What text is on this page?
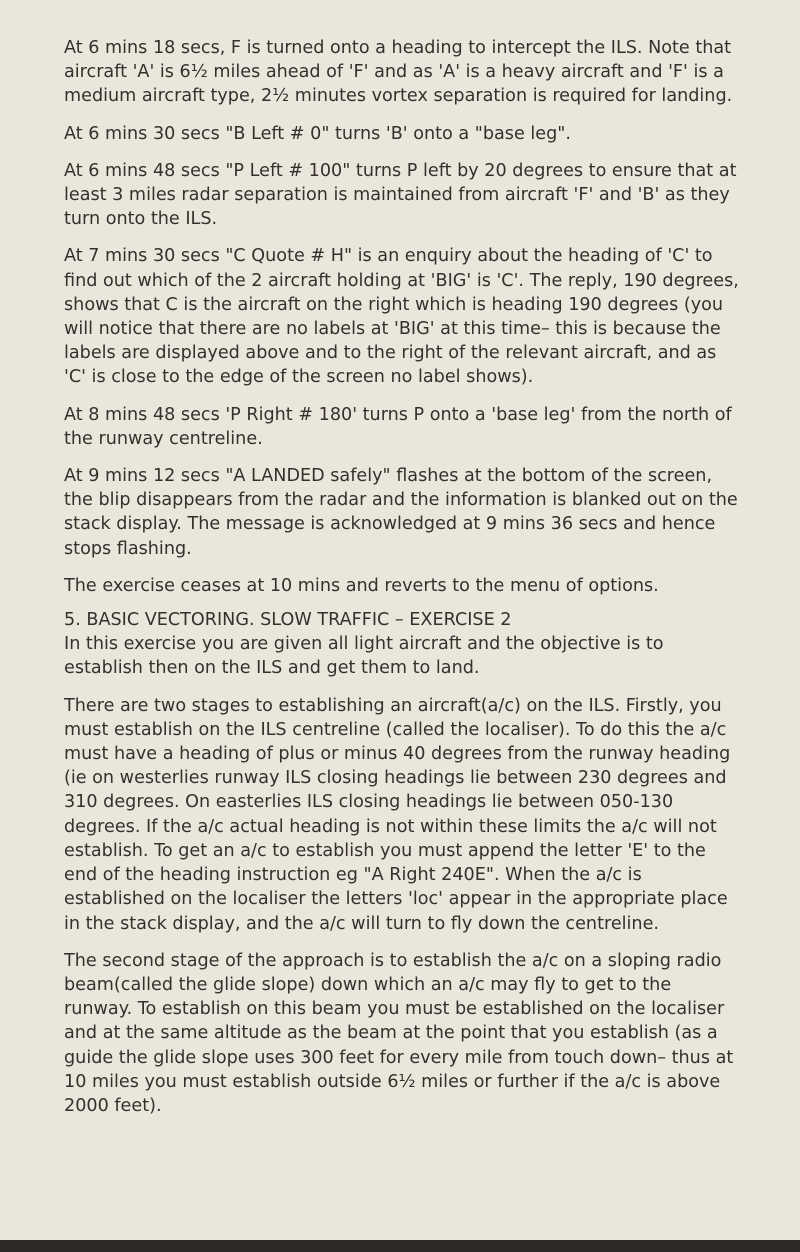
At 6 mins 18 secs, F is turned onto a heading to intercept the ILS. Note that aircraft 'A' is 6½ miles ahead of 'F' and as 'A' is a heavy aircraft and 'F' is a medium aircraft type, 2½ minutes vortex separation is required for landing.

At 6 mins 30 secs "B Left # 0" turns 'B' onto a "base leg".

At 6 mins 48 secs "P Left # 100" turns P left by 20 degrees to ensure that at least 3 miles radar separation is maintained from aircraft 'F' and 'B' as they turn onto the ILS.

At 7 mins 30 secs "C Quote # H" is an enquiry about the heading of 'C' to find out which of the 2 aircraft holding at 'BIG' is 'C'. The reply, 190 degrees, shows that C is the aircraft on the right which is heading 190 degrees (you will notice that there are no labels at 'BIG' at this time– this is because the labels are displayed above and to the right of the relevant aircraft, and as 'C' is close to the edge of the screen no label shows).

At 8 mins 48 secs 'P Right # 180' turns P onto a 'base leg' from the north of the runway centreline.

At 9 mins 12 secs "A LANDED safely" flashes at the bottom of the screen, the blip disappears from the radar and the information is blanked out on the stack display. The message is acknowledged at 9 mins 36 secs and hence stops flashing.

The exercise ceases at 10 mins and reverts to the menu of options.

5. BASIC VECTORING. SLOW TRAFFIC – EXERCISE 2

In this exercise you are given all light aircraft and the objective is to establish then on the ILS and get them to land.

There are two stages to establishing an aircraft(a/c) on the ILS. Firstly, you must establish on the ILS centreline (called the localiser). To do this the a/c must have a heading of plus or minus 40 degrees from the runway heading (ie on westerlies runway ILS closing headings lie between 230 degrees and 310 degrees. On easterlies ILS closing headings lie between 050-130 degrees. If the a/c actual heading is not within these limits the a/c will not establish. To get an a/c to establish you must append the letter 'E' to the end of the heading instruction eg "A Right 240E". When the a/c is established on the localiser the letters 'loc' appear in the appropriate place in the stack display, and the a/c will turn to fly down the centreline.

The second stage of the approach is to establish the a/c on a sloping radio beam(called the glide slope) down which an a/c may fly to get to the runway. To establish on this beam you must be established on the localiser and at the same altitude as the beam at the point that you establish (as a guide the glide slope uses 300 feet for every mile from touch down– thus at 10 miles you must establish outside 6½ miles or further if the a/c is above 2000 feet).
